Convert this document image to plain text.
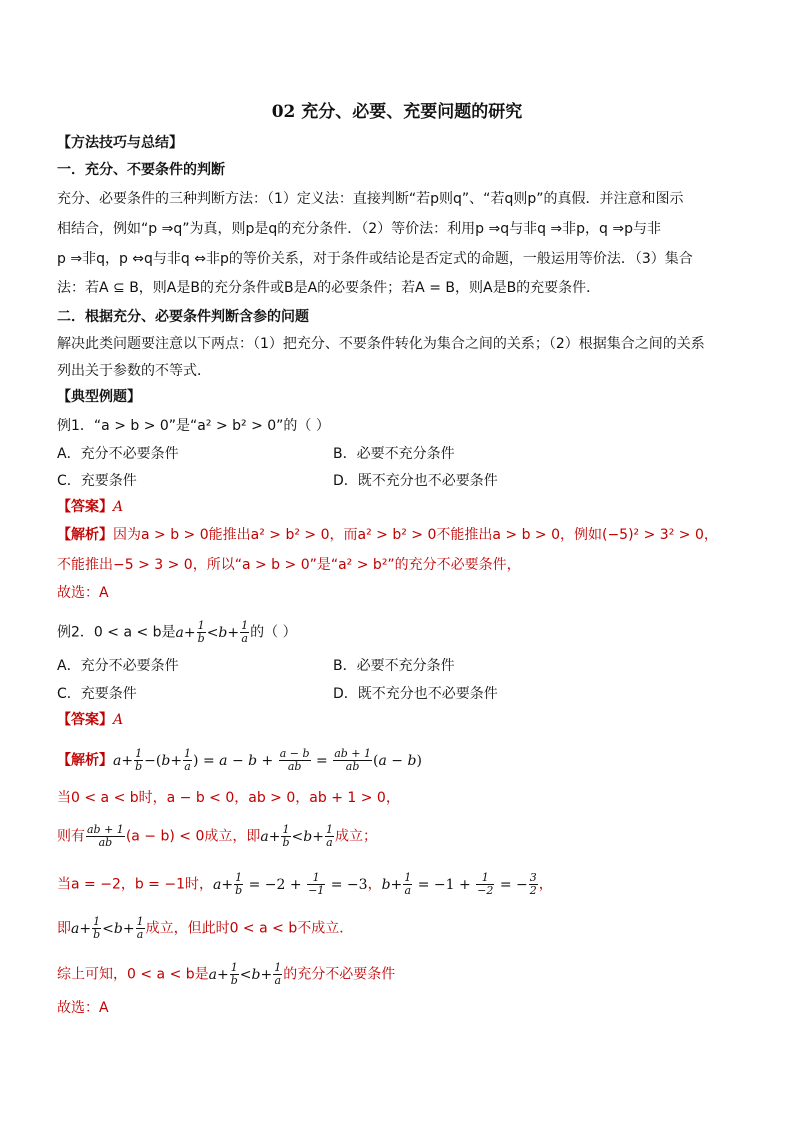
02 充分、必要、充要问题的研究
【方法技巧与总结】
一．充分、不要条件的判断
充分、必要条件的三种判断方法：（1）定义法：直接判断“若p则q”、“若q则p”的真假．并注意和图示
相结合，例如“p ⇒q”为真，则p是q的充分条件．（2）等价法：利用p ⇒q与非q ⇒非p，q ⇒p与非
p ⇒非q，p ⇔q与非q ⇔非p的等价关系，对于条件或结论是否定式的命题，一般运用等价法．（3）集合
法：若A ⊆ B，则A是B的充分条件或B是A的必要条件；若A = B，则A是B的充要条件．
二．根据充分、必要条件判断含参的问题
解决此类问题要注意以下两点：（1）把充分、不要条件转化为集合之间的关系；（2）根据集合之间的关系
列出关于参数的不等式．
【典型例题】
例1．“a > b > 0”是“a² > b² > 0”的（ ）
A．充分不必要条件	B．必要不充分条件
C．充要条件	D．既不充分也不必要条件
【答案】A
【解析】因为a > b > 0能推出a² > b² > 0，而a² > b² > 0不能推出a > b > 0，例如(−5)² > 3² > 0，
不能推出−5 > 3 > 0，所以“a > b > 0”是“a² > b²”的充分不必要条件，
故选：A
例2．0 < a < b是$a+ \frac{1}{b} <b+ \frac{1}{a}$ 的（ ）
A．充分不必要条件	B．必要不充分条件
C．充要条件	D．既不充分也不必要条件
【答案】A
【解析】$a+ \frac{1}{b} -(b+ \frac{1}{a}$ ) = $a - b + \frac{a - b}{ab} = \frac{ab + 1}{ab} (a - b)$
当0 < a < b时，a − b < 0，ab > 0，ab + 1 > 0，
则有 $\frac{ab + 1}{ab} (a - b) < 0$成立，即$a+ \frac{1}{b} <b+ \frac{1}{a}$ 成立；
当a = −2，b = −1时，$a+ \frac{1}{b} = -2 + \frac{1}{-1} = -3$，$b+ \frac{1}{a} = -1 + \frac{1}{-2}$ = − $\frac{3}{2}$ ，
即$a+ \frac{1}{b} <b+ \frac{1}{a}$ 成立，但此时0 < a < b不成立．
综上可知，0 < a < b是$a+ \frac{1}{b} <b+ \frac{1}{a}$ 的充分不必要条件
故选：A
